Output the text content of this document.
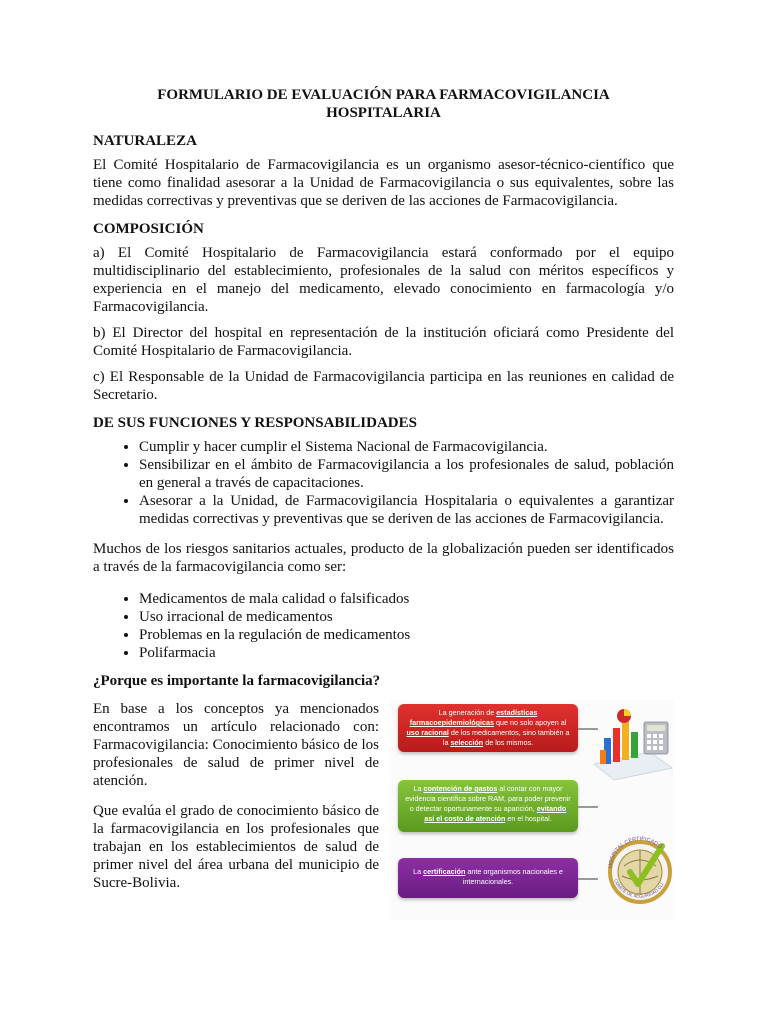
FORMULARIO DE EVALUACIÓN PARA FARMACOVIGILANCIA

HOSPITALARIA

NATURALEZA

El Comité Hospitalario de Farmacovigilancia es un organismo asesor-técnico-científico que tiene como finalidad asesorar a la Unidad de Farmacovigilancia o sus equivalentes, sobre las medidas correctivas y preventivas que se deriven de las acciones de Farmacovigilancia.

COMPOSICIÓN

a) El Comité Hospitalario de Farmacovigilancia estará conformado por el equipo multidisciplinario del establecimiento, profesionales de la salud con méritos específicos y experiencia en el manejo del medicamento, elevado conocimiento en farmacología y/o Farmacovigilancia.

b) El Director del hospital en representación de la institución oficiará como Presidente del Comité Hospitalario de Farmacovigilancia.

c) El Responsable de la Unidad de Farmacovigilancia participa en las reuniones en calidad de Secretario.

DE SUS FUNCIONES Y RESPONSABILIDADES

• Cumplir y hacer cumplir el Sistema Nacional de Farmacovigilancia.
• Sensibilizar en el ámbito de Farmacovigilancia a los profesionales de salud, población en general a través de capacitaciones.
• Asesorar a la Unidad, de Farmacovigilancia Hospitalaria o equivalentes a garantizar medidas correctivas y preventivas que se deriven de las acciones de Farmacovigilancia.

Muchos de los riesgos sanitarios actuales, producto de la globalización pueden ser identificados a través de la farmacovigilancia como ser:

• Medicamentos de mala calidad o falsificados
• Uso irracional de medicamentos
• Problemas en la regulación de medicamentos
• Polifarmacia

¿Porque es importante la farmacovigilancia?

En base a los conceptos ya mencionados encontramos un artículo relacionado con: Farmacovigilancia: Conocimiento básico de los profesionales de salud de primer nivel de atención.

Que evalúa el grado de conocimiento básico de la farmacovigilancia en los profesionales que trabajan en los establecimientos de salud de primer nivel del área urbana del municipio de Sucre-Bolivia.

La generación de estadísticas farmacoepidemiológicas que no solo apoyen al uso racional de los medicamentos, sino también a la selección de los mismos.
La contención de gastos al contar con mayor evidencia científica sobre RAM, para poder prevenir o detectar oportunamente su aparición, evitando así el costo de atención en el hospital.
La certificación ante organismos nacionales e internacionales.
HOSPITAL CERTIFICADO
COMITÉ DE SEGURIDAD CLÍ
